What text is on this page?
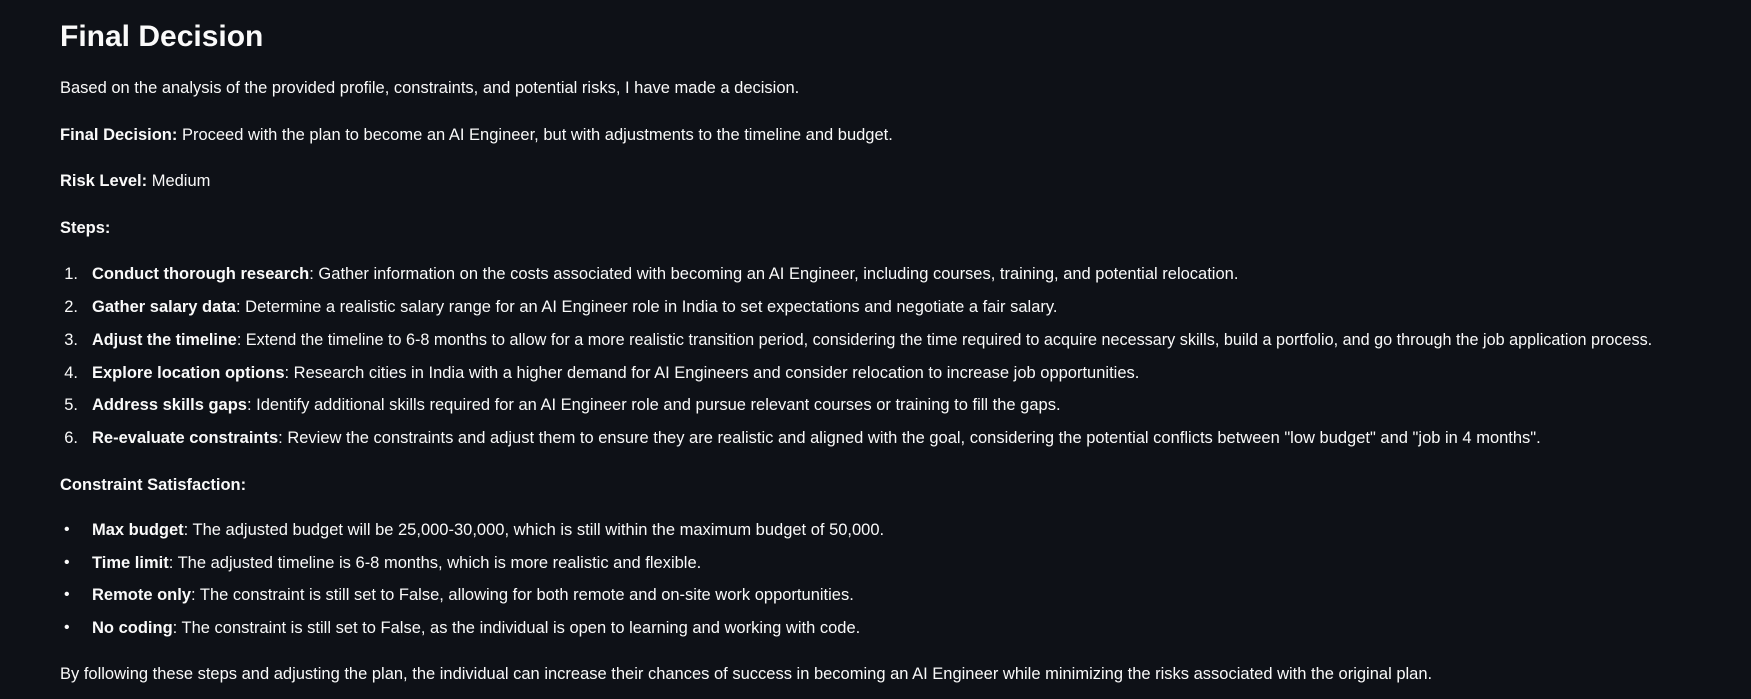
Final Decision

Based on the analysis of the provided profile, constraints, and potential risks, I have made a decision.

Final Decision: Proceed with the plan to become an AI Engineer, but with adjustments to the timeline and budget.

Risk Level: Medium

Steps:

1. Conduct thorough research: Gather information on the costs associated with becoming an AI Engineer, including courses, training, and potential relocation.
2. Gather salary data: Determine a realistic salary range for an AI Engineer role in India to set expectations and negotiate a fair salary.
3. Adjust the timeline: Extend the timeline to 6-8 months to allow for a more realistic transition period, considering the time required to acquire necessary skills, build a portfolio, and go through the job application process.
4. Explore location options: Research cities in India with a higher demand for AI Engineers and consider relocation to increase job opportunities.
5. Address skills gaps: Identify additional skills required for an AI Engineer role and pursue relevant courses or training to fill the gaps.
6. Re-evaluate constraints: Review the constraints and adjust them to ensure they are realistic and aligned with the goal, considering the potential conflicts between "low budget" and "job in 4 months".

Constraint Satisfaction:

• Max budget: The adjusted budget will be 25,000-30,000, which is still within the maximum budget of 50,000.
• Time limit: The adjusted timeline is 6-8 months, which is more realistic and flexible.
• Remote only: The constraint is still set to False, allowing for both remote and on-site work opportunities.
• No coding: The constraint is still set to False, as the individual is open to learning and working with code.

By following these steps and adjusting the plan, the individual can increase their chances of success in becoming an AI Engineer while minimizing the risks associated with the original plan.
